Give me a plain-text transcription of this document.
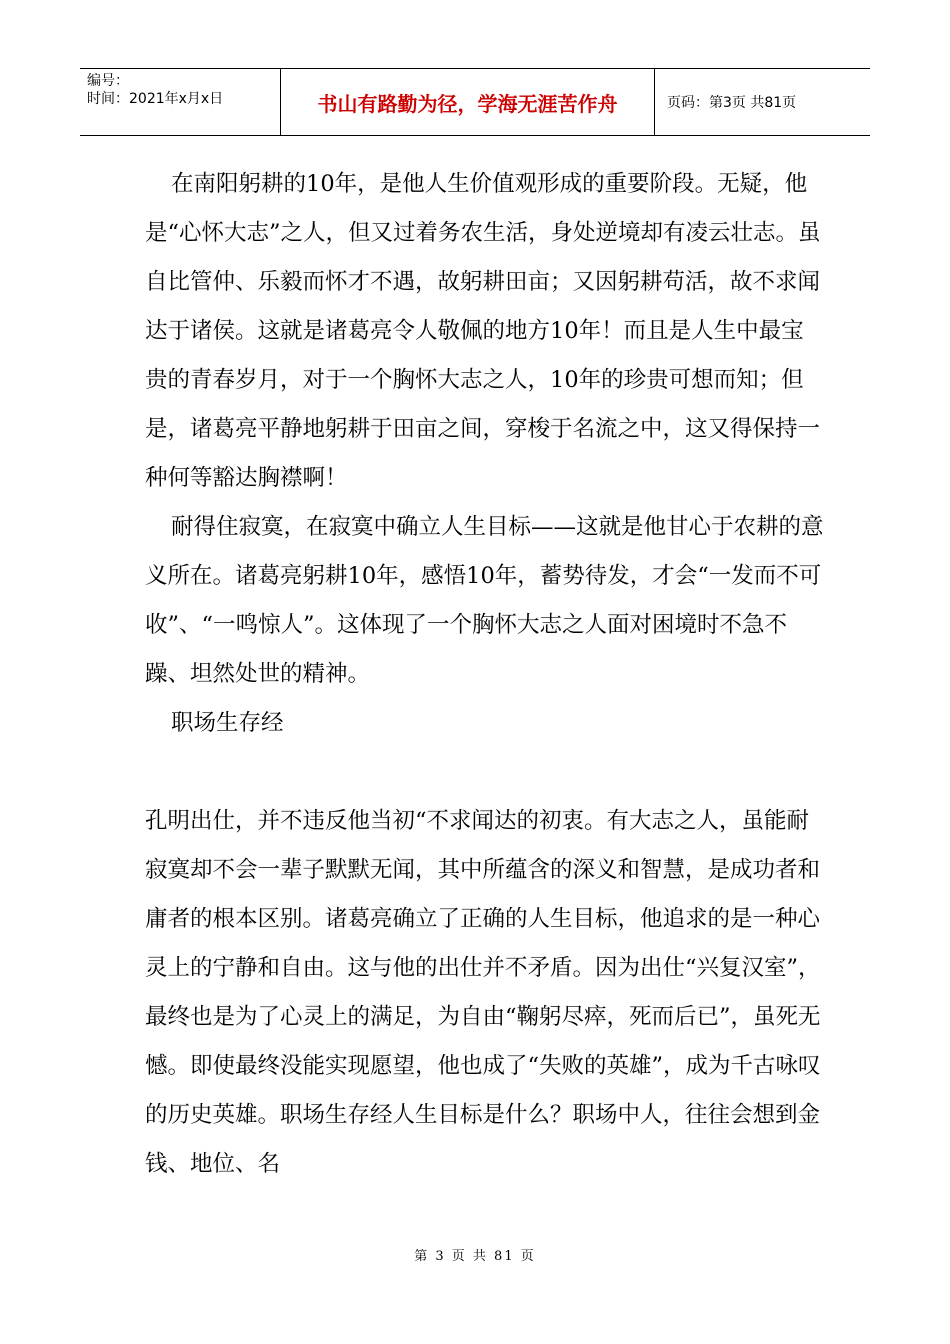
编号：
时间：2021年x月x日	书山有路勤为径，学海无涯苦作舟	页码：第3页 共81页

在南阳躬耕的10年，是他人生价值观形成的重要阶段。无疑，他是“心怀大志”之人，但又过着务农生活，身处逆境却有凌云壮志。虽自比管仲、乐毅而怀才不遇，故躬耕田亩；又因躬耕苟活，故不求闻达于诸侯。这就是诸葛亮令人敬佩的地方10年！而且是人生中最宝贵的青春岁月，对于一个胸怀大志之人，10年的珍贵可想而知；但是，诸葛亮平静地躬耕于田亩之间，穿梭于名流之中，这又得保持一种何等豁达胸襟啊！

耐得住寂寞，在寂寞中确立人生目标——这就是他甘心于农耕的意义所在。诸葛亮躬耕10年，感悟10年，蓄势待发，才会“一发而不可收”、“一鸣惊人”。这体现了一个胸怀大志之人面对困境时不急不躁、坦然处世的精神。

职场生存经

孔明出仕，并不违反他当初“不求闻达的初衷。有大志之人，虽能耐寂寞却不会一辈子默默无闻，其中所蕴含的深义和智慧，是成功者和庸者的根本区别。诸葛亮确立了正确的人生目标，他追求的是一种心灵上的宁静和自由。这与他的出仕并不矛盾。因为出仕“兴复汉室”，最终也是为了心灵上的满足，为自由“鞠躬尽瘁，死而后已”，虽死无憾。即使最终没能实现愿望，他也成了“失败的英雄”，成为千古咏叹的历史英雄。职场生存经人生目标是什么？职场中人，往往会想到金钱、地位、名

第 3 页 共 81 页
